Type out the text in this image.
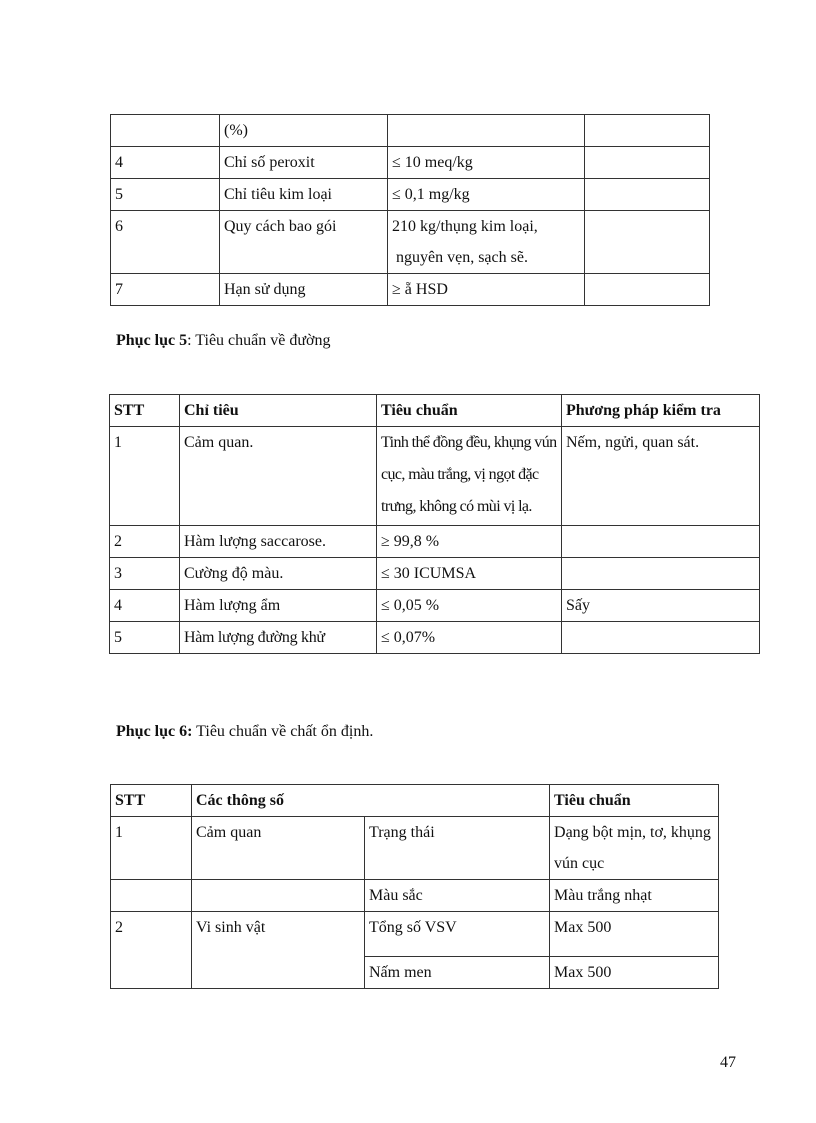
	(%)		
4	Chỉ số peroxit	≤ 10 meq/kg	
5	Chỉ tiêu kim loại	≤ 0,1 mg/kg	
6	Quy cách bao gói	210 kg/thụng kim loại,
nguyên vẹn, sạch sẽ.	

7	Hạn sử dụng	≥ ẵ HSD	

Phục lục 5: Tiêu chuẩn về đường

STT	Chỉ tiêu	Tiêu chuẩn	Phương pháp kiểm tra
1	Cảm quan.	Tinh thể đồng đều, khụng vún cục, màu trắng, vị ngọt đặc trưng, không có mùi vị lạ.	Nếm, ngửi, quan sát.
2	Hàm lượng saccarose.	≥ 99,8 %	
3	Cường độ màu.	≤ 30 ICUMSA	
4	Hàm lượng ẩm	≤ 0,05 %	Sấy
5	Hàm lượng đường khử	≤ 0,07%	

Phục lục 6: Tiêu chuẩn về chất ổn định.

STT	Các thông số		Tiêu chuẩn
1	Cảm quan	Trạng thái	Dạng bột mịn, tơ, khụng vún cục
		Màu sắc	Màu trắng nhạt
2	Vi sinh vật	Tổng số VSV	Max 500
		Nấm men	Max 500
47
